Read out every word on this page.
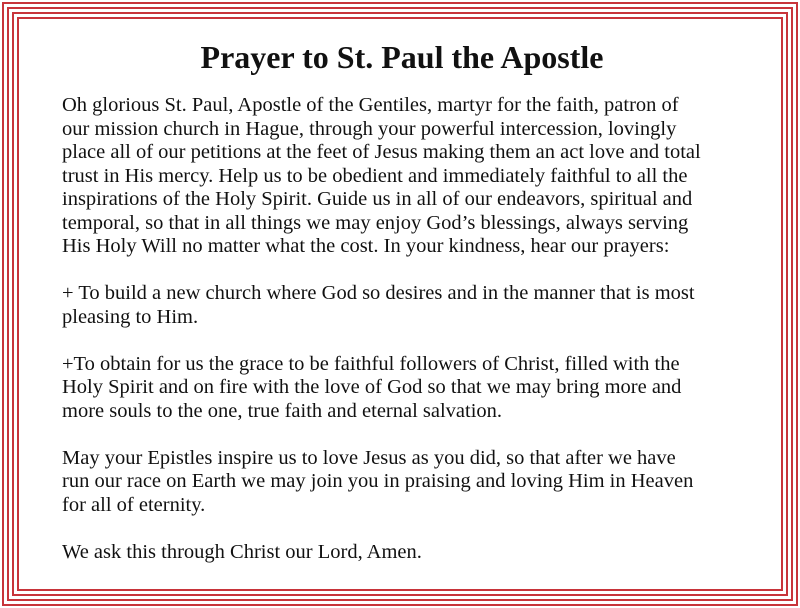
Prayer to St. Paul the Apostle

Oh glorious St. Paul, Apostle of the Gentiles, martyr for the faith, patron of
our mission church in Hague, through your powerful intercession, lovingly
place all of our petitions at the feet of Jesus making them an act love and total
trust in His mercy. Help us to be obedient and immediately faithful to all the
inspirations of the Holy Spirit. Guide us in all of our endeavors, spiritual and
temporal, so that in all things we may enjoy God’s blessings, always serving
His Holy Will no matter what the cost. In your kindness, hear our prayers:

+ To build a new church where God so desires and in the manner that is most
pleasing to Him.

+To obtain for us the grace to be faithful followers of Christ, filled with the
Holy Spirit and on fire with the love of God so that we may bring more and
more souls to the one, true faith and eternal salvation.

May your Epistles inspire us to love Jesus as you did, so that after we have
run our race on Earth we may join you in praising and loving Him in Heaven
for all of eternity.

We ask this through Christ our Lord, Amen.
